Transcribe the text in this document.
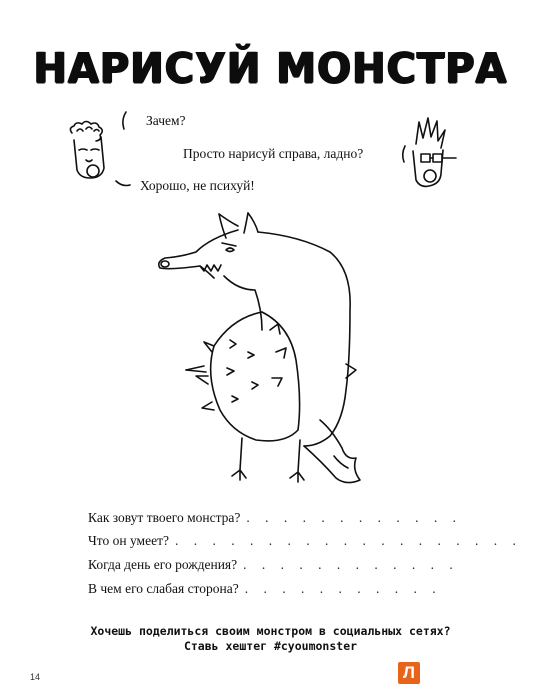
НАРИСУЙ МОНСТРА
Зачем?
Просто нарисуй справа, ладно?
Хорошо, не психуй!
Как зовут твоего монстра? . . . . . . . . . . . .
Что он умеет? . . . . . . . . . . . . . . . . . . .
Когда день его рождения? . . . . . . . . . . . .
В чем его слабая сторона? . . . . . . . . . . .
Хочешь поделиться своим монстром в социальных сетях?
Ставь хештег #cyoumonster
14	Л
